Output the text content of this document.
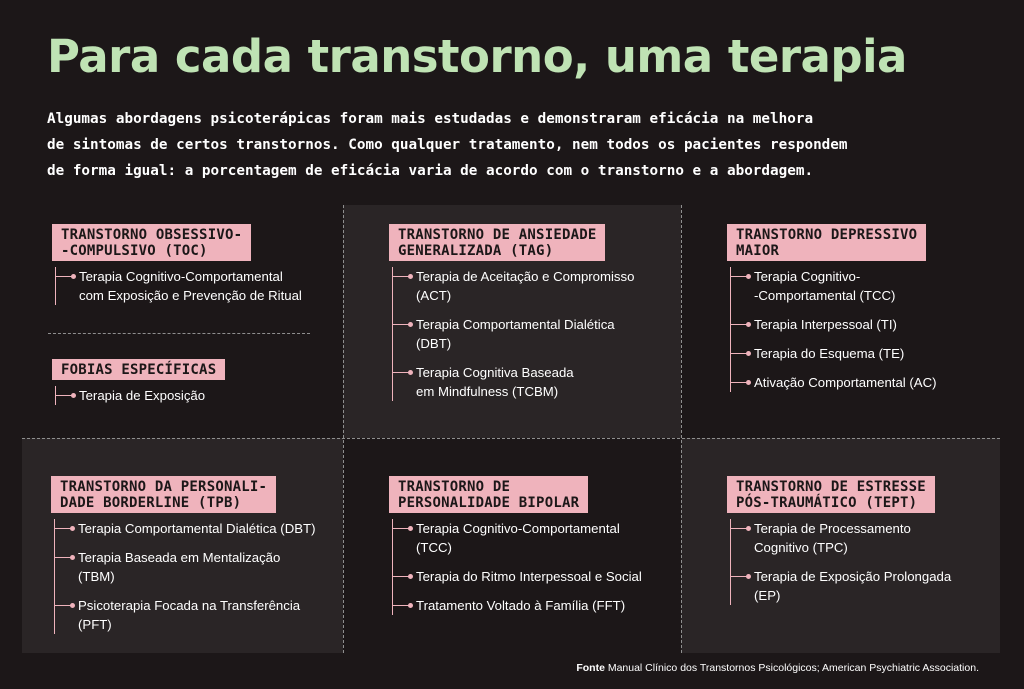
Para cada transtorno, uma terapia

Algumas abordagens psicoterápicas foram mais estudadas e demonstraram eficácia na melhora
de sintomas de certos transtornos. Como qualquer tratamento, nem todos os pacientes respondem
de forma igual: a porcentagem de eficácia varia de acordo com o transtorno e a abordagem.

TRANSTORNO OBSESSIVO-
-COMPULSIVO (TOC)
Terapia Cognitivo-Comportamental
com Exposição e Prevenção de Ritual
FOBIAS ESPECÍFICAS
Terapia de Exposição
TRANSTORNO DE ANSIEDADE
GENERALIZADA (TAG)
Terapia de Aceitação e Compromisso
(ACT)
Terapia Comportamental Dialética
(DBT)
Terapia Cognitiva Baseada
em Mindfulness (TCBM)
TRANSTORNO DEPRESSIVO
MAIOR
Terapia Cognitivo-
-Comportamental (TCC)
Terapia Interpessoal (TI)
Terapia do Esquema (TE)
Ativação Comportamental (AC)
TRANSTORNO DA PERSONALI-
DADE BORDERLINE (TPB)
Terapia Comportamental Dialética (DBT)
Terapia Baseada em Mentalização
(TBM)
Psicoterapia Focada na Transferência
(PFT)
TRANSTORNO DE
PERSONALIDADE BIPOLAR
Terapia Cognitivo-Comportamental
(TCC)
Terapia do Ritmo Interpessoal e Social
Tratamento Voltado à Família (FFT)
TRANSTORNO DE ESTRESSE
PÓS-TRAUMÁTICO (TEPT)
Terapia de Processamento
Cognitivo (TPC)
Terapia de Exposição Prolongada
(EP)

Fonte Manual Clínico dos Transtornos Psicológicos; American Psychiatric Association.
